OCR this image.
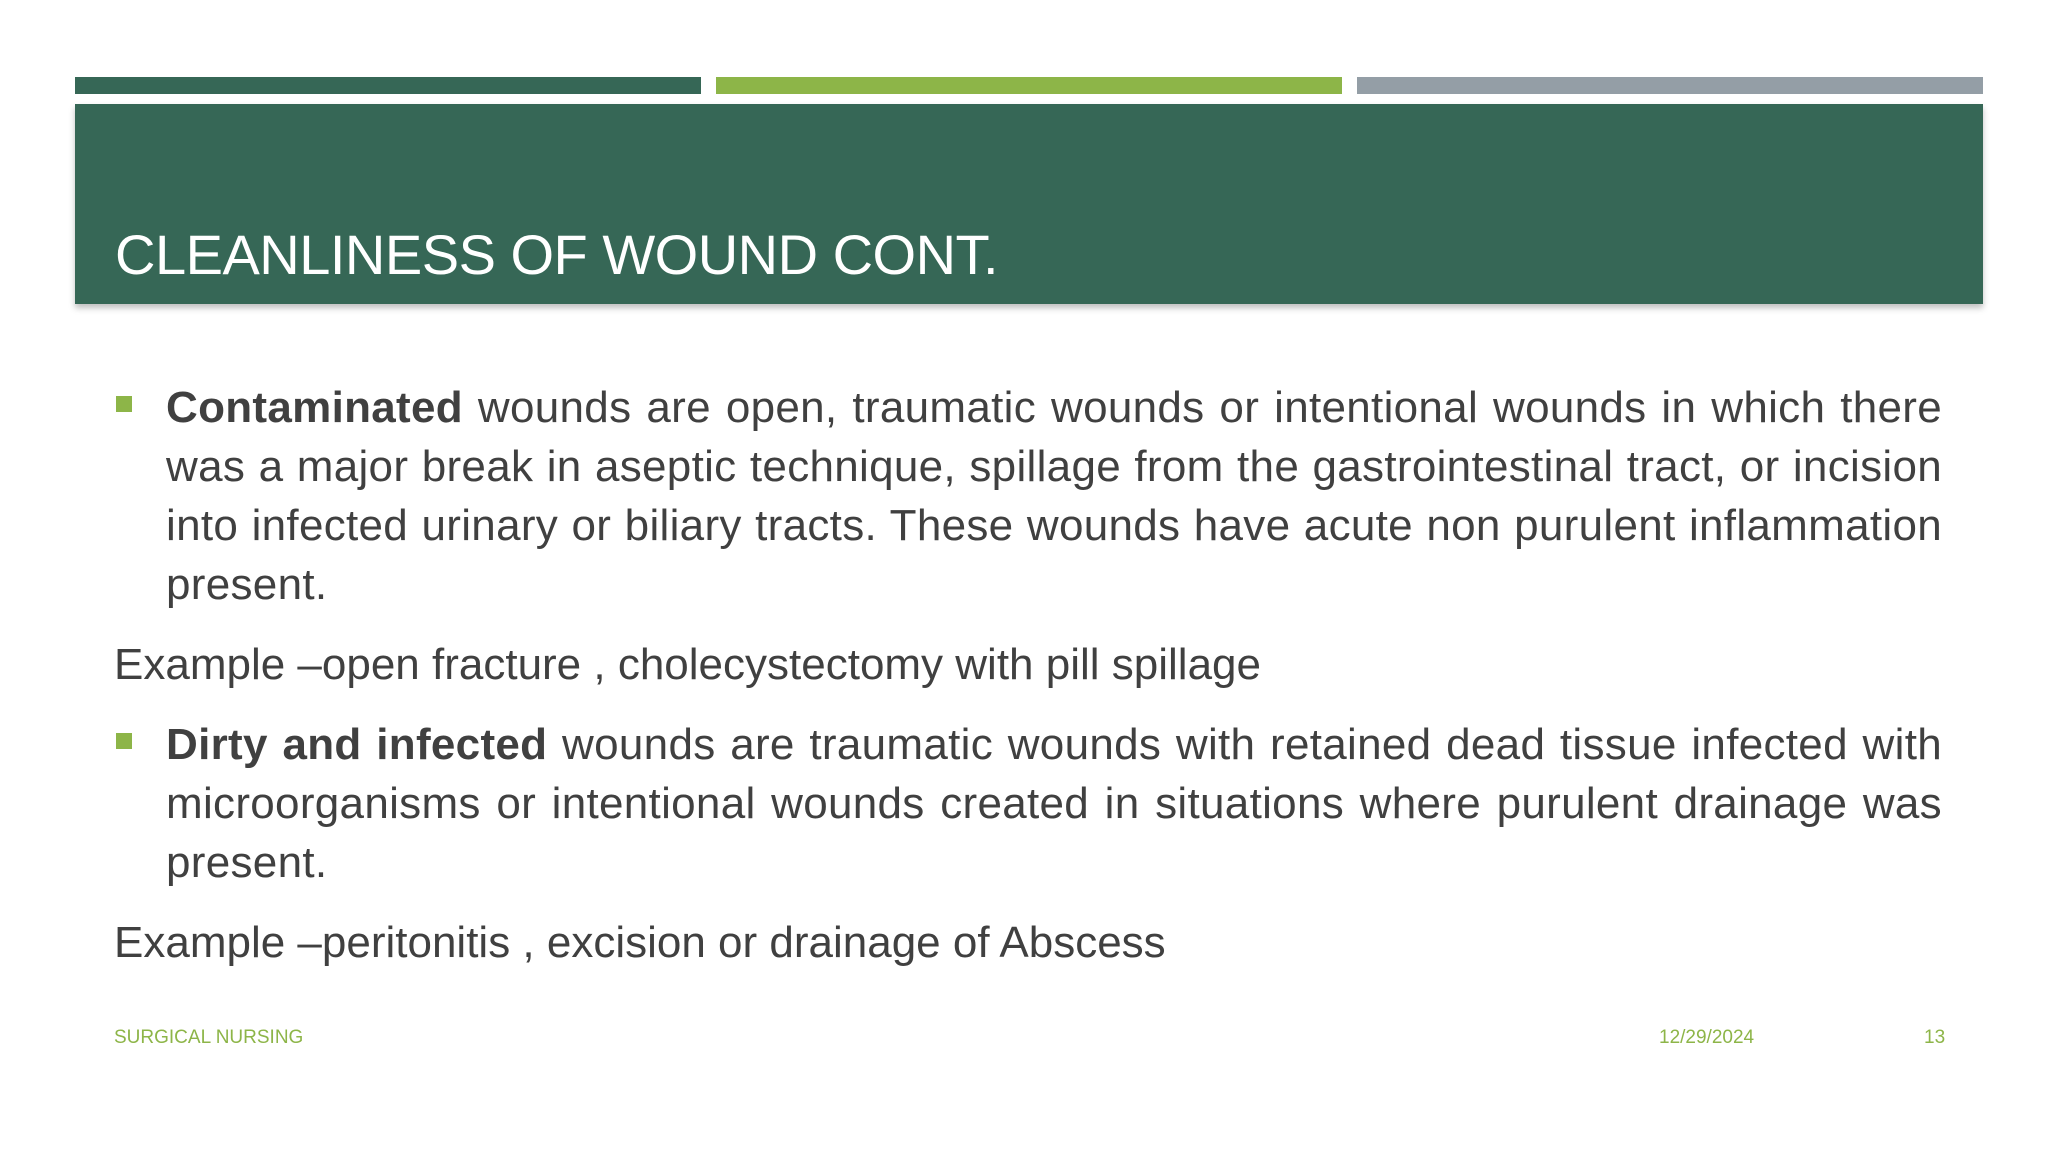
CLEANLINESS OF WOUND CONT.
Contaminated wounds are open, traumatic wounds or intentional wounds in which there was a major break in aseptic technique, spillage from the gastrointestinal tract, or incision into infected urinary or biliary tracts. These wounds have acute non purulent inflammation present.
Example –open fracture , cholecystectomy with pill spillage
Dirty and infected wounds are traumatic wounds with retained dead tissue infected with microorganisms or intentional wounds created in situations where purulent drainage was present.
Example –peritonitis , excision or drainage of Abscess
SURGICAL NURSING	12/29/2024	13
